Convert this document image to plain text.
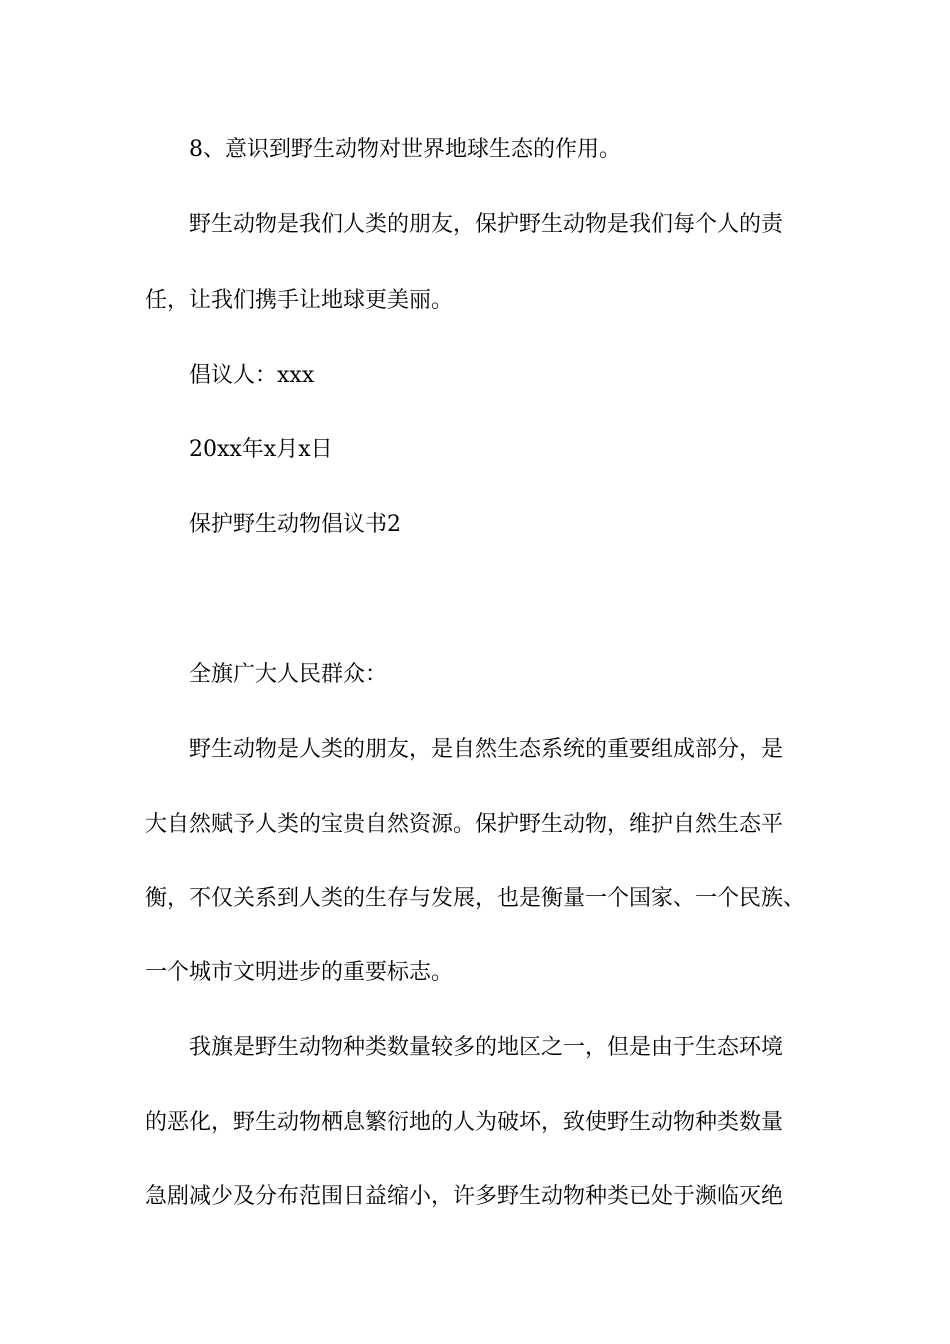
8、意识到野生动物对世界地球生态的作用。
野生动物是我们人类的朋友，保护野生动物是我们每个人的责
任，让我们携手让地球更美丽。
倡议人：xxx
20xx年x月x日
保护野生动物倡议书2
全旗广大人民群众：
野生动物是人类的朋友，是自然生态系统的重要组成部分，是
大自然赋予人类的宝贵自然资源。保护野生动物，维护自然生态平
衡，不仅关系到人类的生存与发展，也是衡量一个国家、一个民族、
一个城市文明进步的重要标志。
我旗是野生动物种类数量较多的地区之一，但是由于生态环境
的恶化，野生动物栖息繁衍地的人为破坏，致使野生动物种类数量
急剧减少及分布范围日益缩小，许多野生动物种类已处于濒临灭绝
